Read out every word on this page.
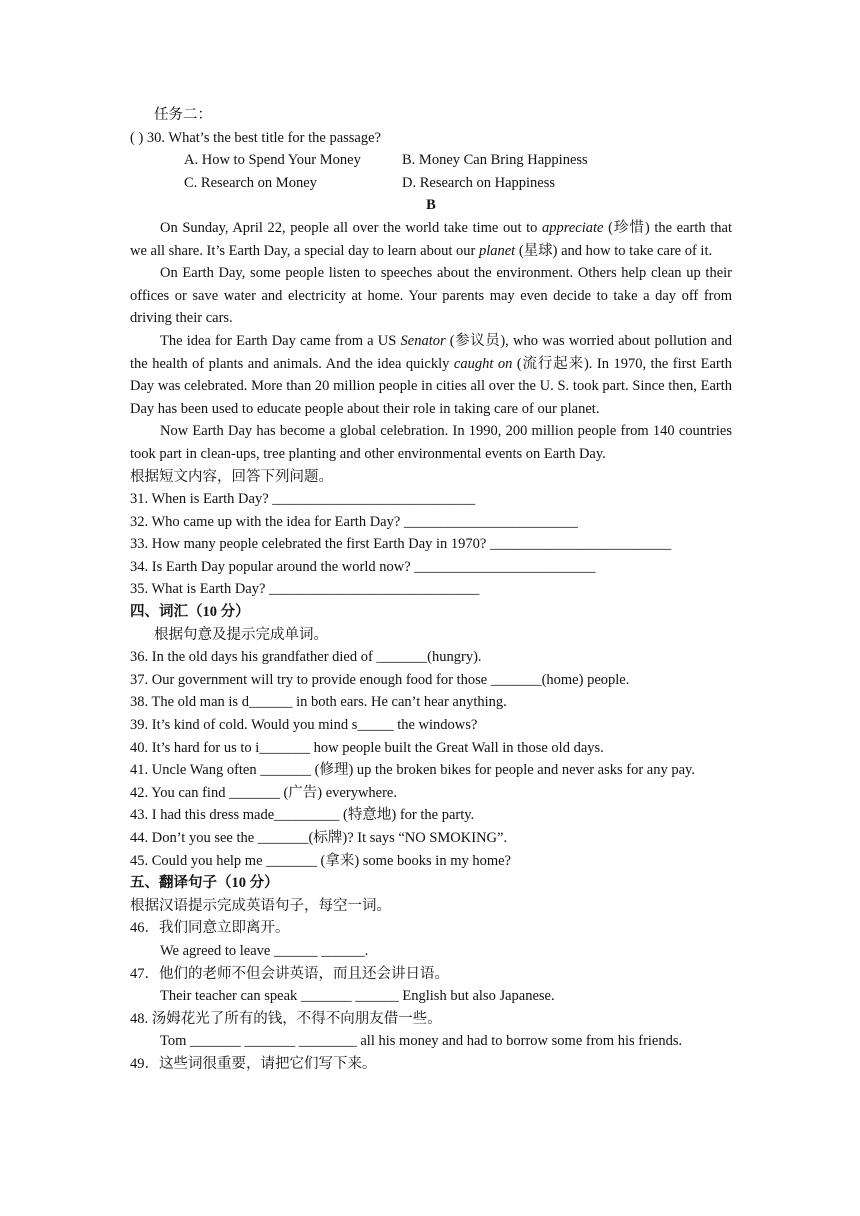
任务二：
( ) 30. What’s the best title for the passage?
A. How to Spend Your Money	B. Money Can Bring Happiness
C. Research on Money	D. Research on Happiness
B
On Sunday, April 22, people all over the world take time out to appreciate (珍惜) the earth that we all share. It’s Earth Day, a special day to learn about our planet (星球) and how to take care of it.
On Earth Day, some people listen to speeches about the environment. Others help clean up their offices or save water and electricity at home. Your parents may even decide to take a day off from driving their cars.
The idea for Earth Day came from a US Senator (参议员), who was worried about pollution and the health of plants and animals. And the idea quickly caught on (流行起来). In 1970, the first Earth Day was celebrated. More than 20 million people in cities all over the U. S. took part. Since then, Earth Day has been used to educate people about their role in taking care of our planet.
Now Earth Day has become a global celebration. In 1990, 200 million people from 140 countries took part in clean-ups, tree planting and other environmental events on Earth Day.
根据短文内容，回答下列问题。
31. When is Earth Day? ____________________________
32. Who came up with the idea for Earth Day? ________________________
33. How many people celebrated the first Earth Day in 1970? _________________________
34. Is Earth Day popular around the world now? _________________________
35. What is Earth Day? _____________________________
四、词汇（10 分）
根据句意及提示完成单词。
36. In the old days his grandfather died of _______(hungry).
37. Our government will try to provide enough food for those _______(home) people.
38. The old man is d______ in both ears. He can’t hear anything.
39. It’s kind of cold. Would you mind s_____ the windows?
40. It’s hard for us to i_______ how people built the Great Wall in those old days.
41. Uncle Wang often _______ (修理) up the broken bikes for people and never asks for any pay.
42. You can find _______ (广告) everywhere.
43. I had this dress made_________ (特意地) for the party.
44. Don’t you see the _______(标牌)? It says “NO SMOKING”.
45. Could you help me _______ (拿来) some books in my home?
五、翻译句子（10 分）
根据汉语提示完成英语句子，每空一词。
46．我们同意立即离开。
We agreed to leave ______ ______.
47．他们的老师不但会讲英语，而且还会讲日语。
Their teacher can speak _______ ______ English but also Japanese.
48. 汤姆花光了所有的钱，不得不向朋友借一些。
Tom _______ _______ ________ all his money and had to borrow some from his friends.
49．这些词很重要，请把它们写下来。
